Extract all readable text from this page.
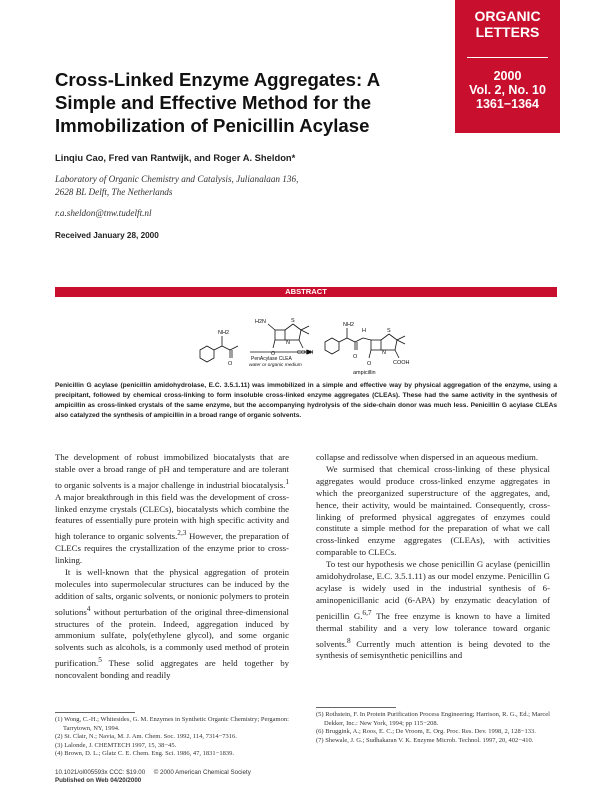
ORGANIC
LETTERS
2000
Vol. 2, No. 10
1361−1364
Cross-Linked Enzyme Aggregates: A
Simple and Effective Method for the
Immobilization of Penicillin Acylase
Linqiu Cao, Fred van Rantwijk, and Roger A. Sheldon*
Laboratory of Organic Chemistry and Catalysis, Julianalaan 136,
2628 BL Delft, The Netherlands
r.a.sheldon@tnw.tudelft.nl
Received January 28, 2000
ABSTRACT
NH2
O
H2N	S
N
O	COOH
PenAcylase CLEA
water or organic medium
NH2
H
O
S
N
O	COOH
ampicillin
Penicillin G acylase (penicillin amidohydrolase, E.C. 3.5.1.11) was immobilized in a simple and effective way by physical aggregation of the enzyme, using a precipitant, followed by chemical cross-linking to form insoluble cross-linked enzyme aggregates (CLEAs). These had the same activity in the synthesis of ampicillin as cross-linked crystals of the same enzyme, but the accompanying hydrolysis of the side-chain donor was much less. Penicillin G acylase CLEAs also catalyzed the synthesis of ampicillin in a broad range of organic solvents.

The development of robust immobilized biocatalysts that are stable over a broad range of pH and temperature and are tolerant to organic solvents is a major challenge in industrial biocatalysis.$^1$ A major breakthrough in this field was the development of cross-linked enzyme crystals (CLECs), biocatalysts which combine the features of essentially pure protein with high specific activity and high tolerance to organic solvents.$^{2,3}$ However, the preparation of CLECs requires the crystallization of the enzyme prior to cross-linking.

It is well-known that the physical aggregation of protein molecules into supermolecular structures can be induced by the addition of salts, organic solvents, or nonionic polymers to protein solutions$^4$ without perturbation of the original three-dimensional structures of the protein. Indeed, aggregation induced by ammonium sulfate, poly(ethylene glycol), and some organic solvents such as alcohols, is a commonly used method of protein purification.$^5$ These solid aggregates are held together by noncovalent bonding and readily

collapse and redissolve when dispersed in an aqueous medium.

We surmised that chemical cross-linking of these physical aggregates would produce cross-linked enzyme aggregates in which the preorganized superstructure of the aggregates, and, hence, their activity, would be maintained. Consequently, cross-linking of preformed physical aggregates of enzymes could constitute a simple method for the preparation of what we call cross-linked enzyme aggregates (CLEAs), with activities comparable to CLECs.

To test our hypothesis we chose penicillin G acylase (penicillin amidohydrolase, E.C. 3.5.1.11) as our model enzyme. Penicillin G acylase is widely used in the industrial synthesis of 6-aminopenicillanic acid (6-APA) by enzymatic deacylation of penicillin G.$^{6,7}$ The free enzyme is known to have a limited thermal stability and a very low tolerance toward organic solvents.$^8$ Currently much attention is being devoted to the synthesis of semisynthetic penicillins and

(1) Wong, C.-H.; Whitesides, G. M. Enzymes in Synthetic Organic Chemistry; Pergamon: Tarrytown, NY, 1994.

(2) St. Clair, N.; Navia, M. J. Am. Chem. Soc. 1992, 114, 7314−7316.

(3) Lalonde, J. CHEMTECH 1997, 15, 38−45.

(4) Brown, D. L.; Glatz C. E. Chem. Eng. Sci. 1986, 47, 1831−1839.

(5) Rothstein, F. In Protein Purification Process Engineering; Harrison, R. G., Ed.; Marcel Dekker, Inc.: New York, 1994; pp 115−208.

(6) Bruggink, A.; Roos, E. C.; De Vroom, E. Org. Proc. Res. Dev. 1998, 2, 128−133.

(7) Shewale, J. G.; Sudhakaran V. K. Enzyme Microb. Technol. 1997, 20, 402−410.

10.1021/ol005593x CCC: $19.00     © 2000 American Chemical Society
Published on Web 04/20/2000
